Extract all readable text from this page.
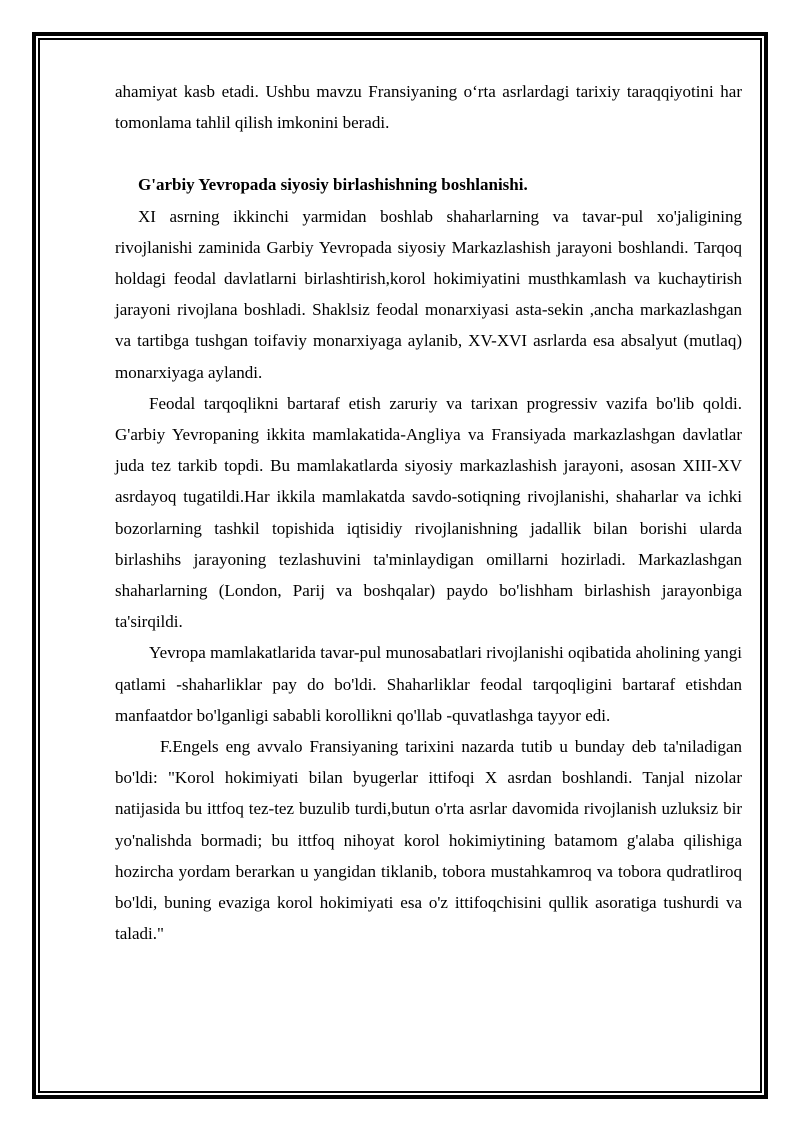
ahamiyat kasb etadi. Ushbu mavzu Fransiyaning o‘rta asrlardagi tarixiy taraqqiyotini har tomonlama tahlil qilish imkonini beradi.

G'arbiy Yevropada siyosiy birlashishning boshlanishi.

XI asrning ikkinchi yarmidan boshlab shaharlarning va tavar-pul xo'jaligining rivojlanishi zaminida Garbiy Yevropada siyosiy Markazlashish jarayoni boshlandi. Tarqoq holdagi feodal davlatlarni birlashtirish,korol hokimiyatini musthkamlash va kuchaytirish jarayoni rivojlana boshladi. Shaklsiz feodal monarxiyasi asta-sekin ,ancha markazlashgan va tartibga tushgan toifaviy monarxiyaga aylanib, XV-XVI asrlarda esa absalyut (mutlaq) monarxiyaga aylandi.

Feodal tarqoqlikni bartaraf etish zaruriy va tarixan progressiv vazifa bo'lib qoldi. G'arbiy Yevropaning ikkita mamlakatida-Angliya va Fransiyada markazlashgan davlatlar juda tez tarkib topdi. Bu mamlakatlarda siyosiy markazlashish jarayoni, asosan XIII-XV asrdayoq tugatildi.Har ikkila mamlakatda savdo-sotiqning rivojlanishi, shaharlar va ichki bozorlarning tashkil topishida iqtisidiy rivojlanishning jadallik bilan borishi ularda birlashihs jarayoning tezlashuvini ta'minlaydigan omillarni hozirladi. Markazlashgan shaharlarning (London, Parij va boshqalar) paydo bo'lishham birlashish jarayonbiga ta'sirqildi.

Yevropa mamlakatlarida tavar-pul munosabatlari rivojlanishi oqibatida aholining yangi qatlami -shaharliklar pay do bo'ldi. Shaharliklar feodal tarqoqligini bartaraf etishdan manfaatdor bo'lganligi sababli korollikni qo'llab -quvatlashga tayyor edi.

F.Engels eng avvalo Fransiyaning tarixini nazarda tutib u bunday deb ta'niladigan bo'ldi: "Korol hokimiyati bilan byugerlar ittifoqi X asrdan boshlandi. Tanjal nizolar natijasida bu ittfoq tez-tez buzulib turdi,butun o'rta asrlar davomida rivojlanish uzluksiz bir yo'nalishda bormadi; bu ittfoq nihoyat korol hokimiytining batamom g'alaba qilishiga hozircha yordam berarkan u yangidan tiklanib, tobora mustahkamroq va tobora qudratliroq bo'ldi, buning evaziga korol hokimiyati esa o'z ittifoqchisini qullik asoratiga tushurdi va taladi."
